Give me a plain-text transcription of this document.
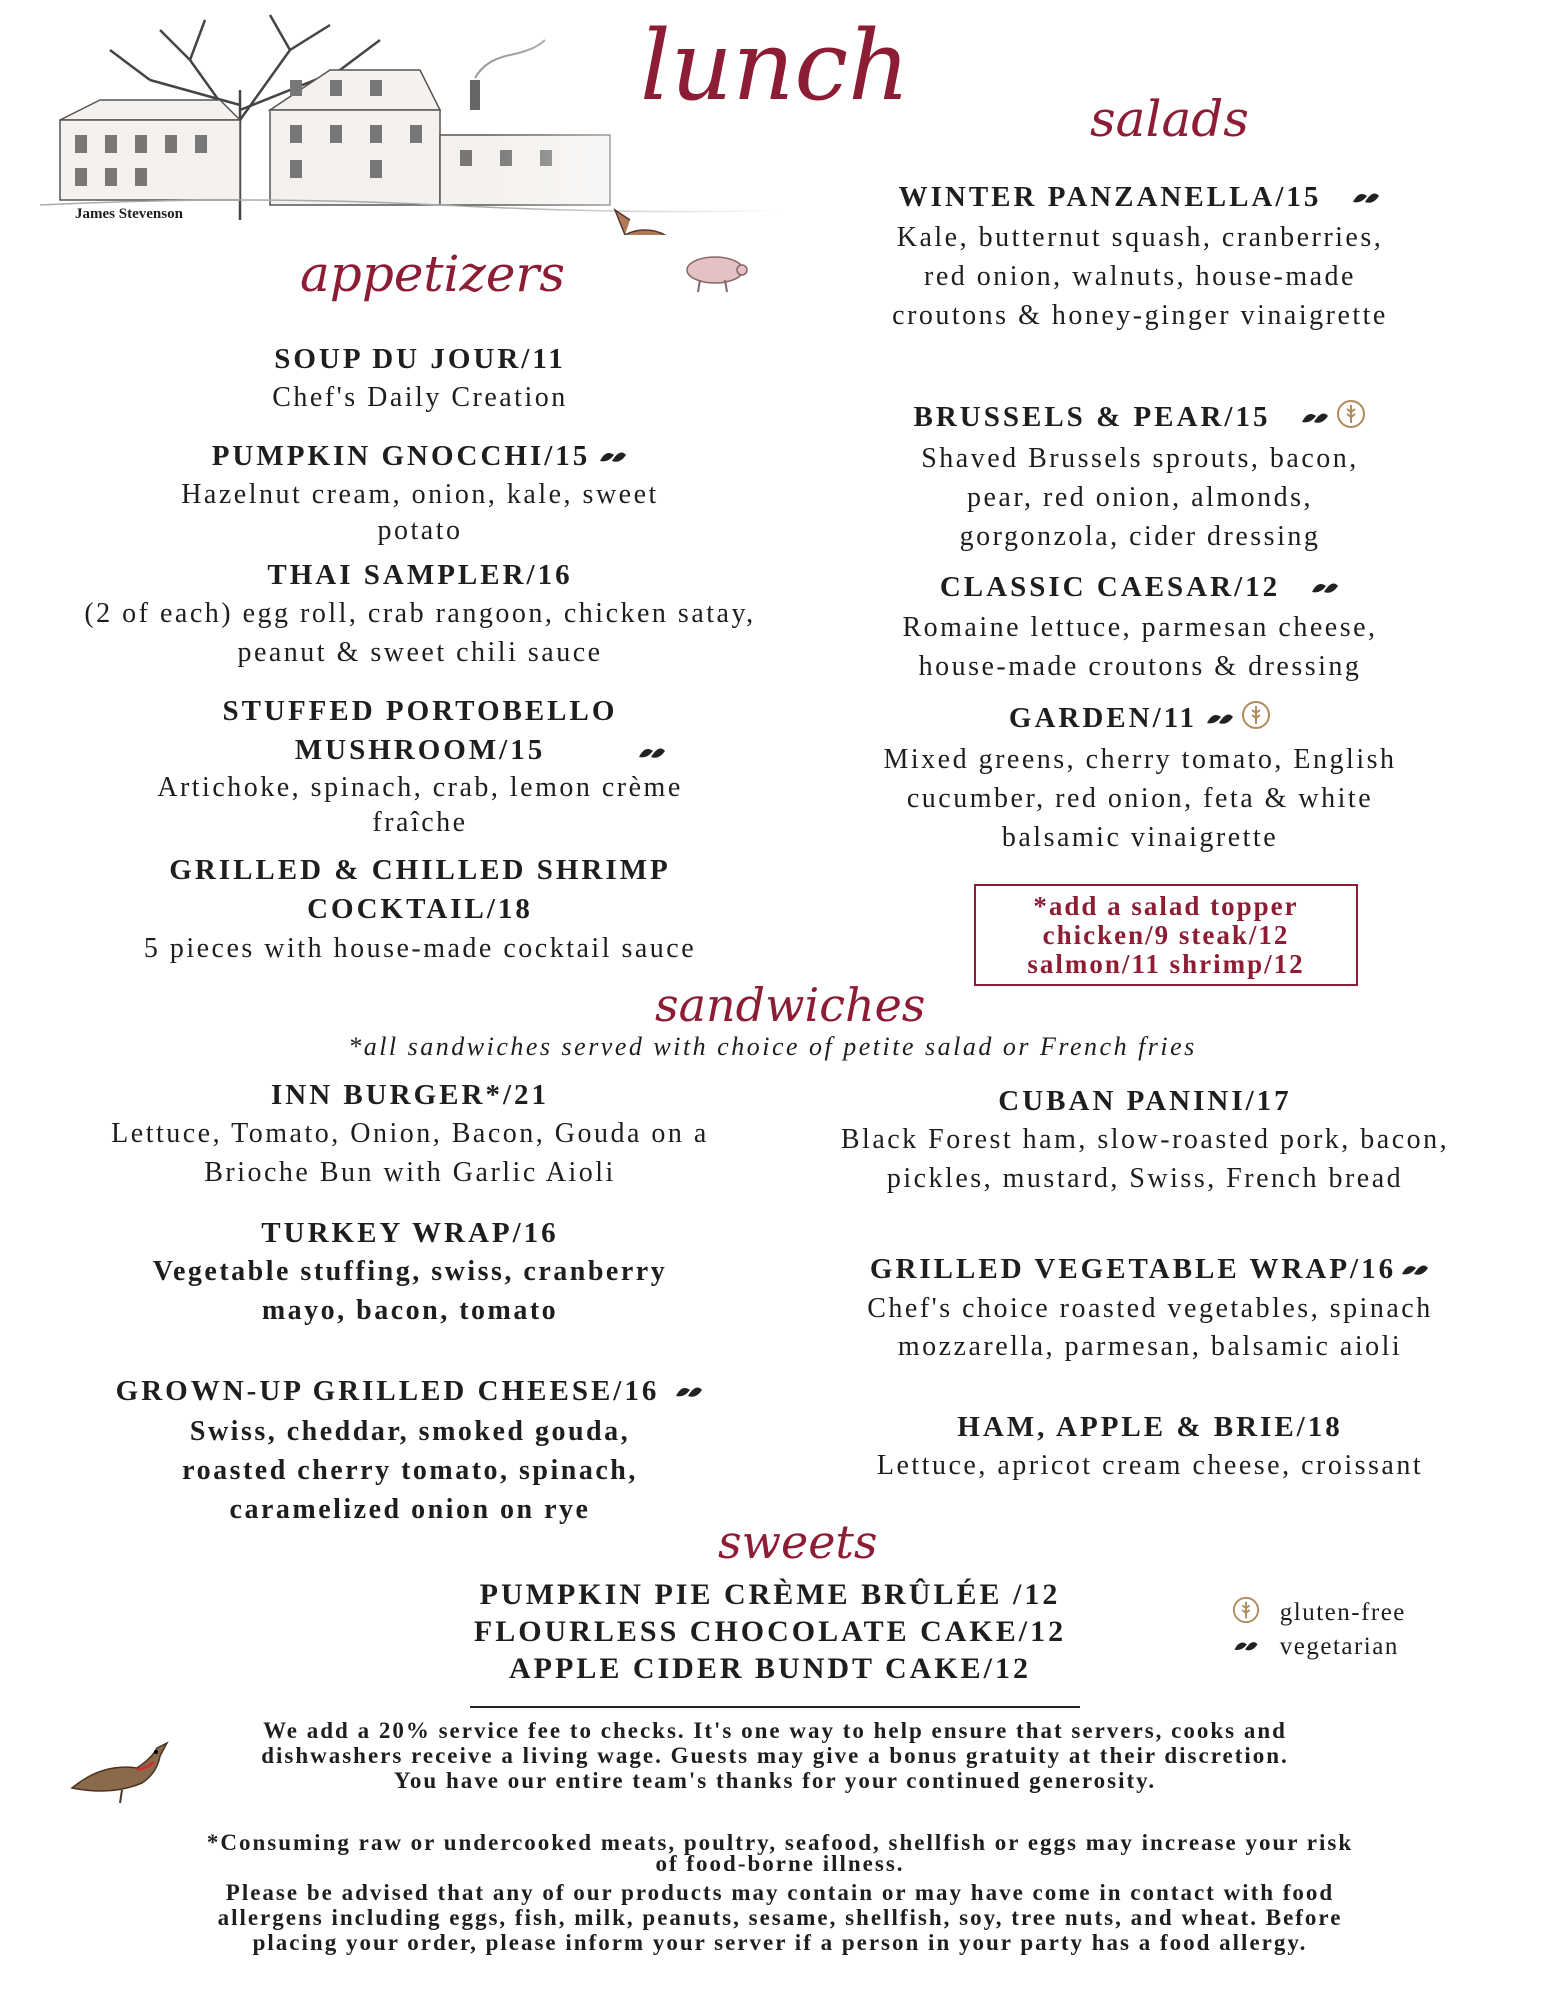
James Stevenson
lunch
appetizers
salads
sandwiches
*all sandwiches served with choice of petite salad or French fries
sweets
SOUP DU JOUR/11
Chef's Daily Creation
PUMPKIN GNOCCHI/15
Hazelnut cream, onion, kale, sweet potato
THAI SAMPLER/16
(2 of each) egg roll, crab rangoon, chicken satay, peanut & sweet chili sauce
STUFFED PORTOBELLO MUSHROOM/15
Artichoke, spinach, crab, lemon crème fraîche
GRILLED & CHILLED SHRIMP COCKTAIL/18
5 pieces with house-made cocktail sauce
WINTER PANZANELLA/15
Kale, butternut squash, cranberries, red onion, walnuts, house-made croutons & honey-ginger vinaigrette
BRUSSELS & PEAR/15
Shaved Brussels sprouts, bacon, pear, red onion, almonds, gorgonzola, cider dressing
CLASSIC CAESAR/12
Romaine lettuce, parmesan cheese, house-made croutons & dressing
GARDEN/11
Mixed greens, cherry tomato, English cucumber, red onion, feta & white balsamic vinaigrette
*add a salad topper
chicken/9 steak/12
salmon/11 shrimp/12
INN BURGER*/21
Lettuce, Tomato, Onion, Bacon, Gouda on a Brioche Bun with Garlic Aioli
TURKEY WRAP/16
Vegetable stuffing, swiss, cranberry mayo, bacon, tomato
GROWN-UP GRILLED CHEESE/16
Swiss, cheddar, smoked gouda, roasted cherry tomato, spinach, caramelized onion on rye
CUBAN PANINI/17
Black Forest ham, slow-roasted pork, bacon, pickles, mustard, Swiss, French bread
GRILLED VEGETABLE WRAP/16
Chef's choice roasted vegetables, spinach mozzarella, parmesan, balsamic aioli
HAM, APPLE & BRIE/18
Lettuce, apricot cream cheese, croissant
PUMPKIN PIE CRÈME BRÛLÉE /12
FLOURLESS CHOCOLATE CAKE/12
APPLE CIDER BUNDT CAKE/12
gluten-free
vegetarian
We add a 20% service fee to checks. It's one way to help ensure that servers, cooks and
dishwashers receive a living wage. Guests may give a bonus gratuity at their discretion.
You have our entire team's thanks for your continued generosity.
*Consuming raw or undercooked meats, poultry, seafood, shellfish or eggs may increase your risk
of food-borne illness.
Please be advised that any of our products may contain or may have come in contact with food
allergens including eggs, fish, milk, peanuts, sesame, shellfish, soy, tree nuts, and wheat. Before
placing your order, please inform your server if a person in your party has a food allergy.
